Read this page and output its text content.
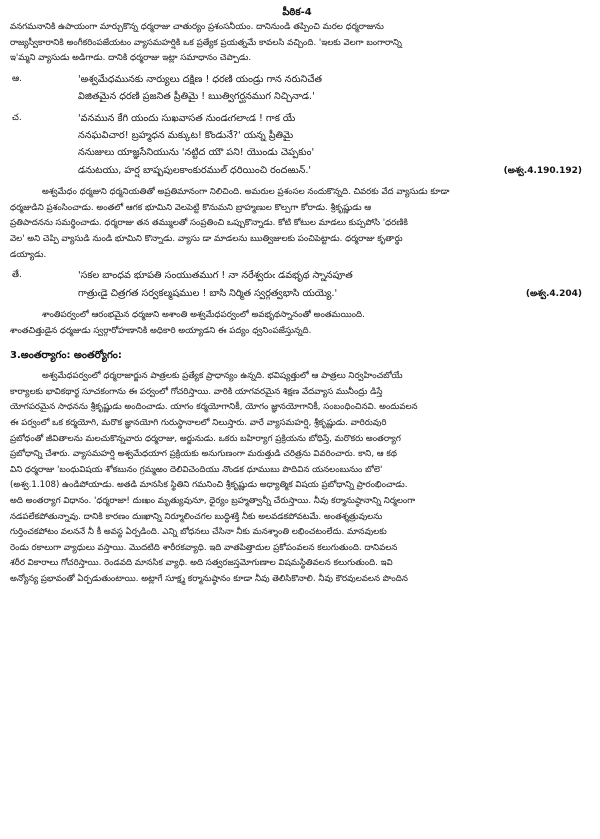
పీఠిక-4

వనగమనానికి ఉపాయంగా మార్చుకొన్న ధర్మరాజు చాతుర్యం ప్రశంసనీయం. దానినుండి తప్పించి మరల ధర్మరాజును

రాజ్యస్వీకారానికి అంగీకరింపజేయటం వ్యాసమహర్షికి ఒక ప్రత్యేక ప్రయత్నమే కావలసి వచ్చింది. 'ఇలకు వెలగా బంగారాన్ని

ఇ'మ్మని వ్యాసుడు అడిగాడు. దానికి ధర్మరాజు ఇట్లా సమాధానం చెప్పాడు.

ఆ.	'అశ్వమేధమునకు నార్యులు దక్షిణ ! ధరణి యండ్రు గాన నరునిచేత
విజితమైన ధరణి ప్రజనిత ప్రీతిమై ! ఋత్విగర్ఘనముగ నిచ్చినాడ.'
చ.	'వనమున కేగి యందు సుఖవాసత నుండఁగలాఁడ ! గాక యే
ననఘవిచార! బ్రహ్మధన మక్కుట! కొండునే?' యన్న ప్రీతిమై
ననుజులు యాజ్ఞసేనియును 'నట్టిద యౌ పని! యొండు చెప్పకుం'
డనుటయు, హర్ష బాష్పపులకాంకురముల్ ధరియించి రందఱున్.'	(అశ్వ.4.190.192)

అశ్వమేధం ధర్మజుని ధర్మనియతితో అప్రతిమానంగా నిలిచింది. అమరుల ప్రశంసల నందుకొన్నది. చివరకు వేద వ్యాసుడు కూడా

ధర్మజుడిని ప్రశంసించాడు. అంతలో ఆగక భూమిని వెలపెట్టి కొనుమని బ్రాహ్మణుల కొల్పగా కోరాడు. శ్రీకృష్ణుడు ఆ

ప్రతిపాదనను సమర్థించాడు. ధర్మరాజు తన తమ్ములతో సంప్రతించి ఒప్పుకొన్నాడు. కోటి కోటుల మాడలు కుప్పపోసి 'ధరణికి

వెల' అని చెప్పి వ్యాసుడి నుండి భూమిని కొన్నాడు. వ్యాసు డా మాడలను ఋత్విజులకు పంచిపెట్టాడు. ధర్మరాజు కృతార్థు

డయ్యాడు.

తే.	'సకల బాంధవ భూపతి సంయుతముగ ! నా నరేశ్వరుఁ డవభృథ స్నానపూత
గాత్రుఁడై చిత్రగత సర్వకల్మషముల ! బాసి నిర్మిత స్వర్గత్వభాసి యయ్యె.'	(అశ్వ.4.204)

శాంతిపర్వంలో ఆరంభమైన ధర్మజుని అశాంతి అశ్వమేధపర్వంలో అవభృథస్నానంతో అంతమయింది.

శాంతచిత్తుడైన ధర్మజుడు స్వర్గారోహణానికి అధికారి అయ్యాడని ఈ పద్యం ధ్వనింపజేస్తున్నది.

3.అంతర్యాగం: అంతర్యోగం:

అశ్వమేధపర్వంలో ధర్మరాజార్జున పాత్రలకు ప్రత్యేక ప్రాధాన్యం ఉన్నది. భవిష్యత్తులో ఆ పాత్రలు నిర్వహించబోయే

కార్యాలకు భావికథార్థ సూచకంగాను ఈ పర్వంలో గోచరిస్తాయి. వారికి యాగవరమైన శిక్షణ వేదవ్యాస మునీంద్రు డిస్తే

యోగపరమైన సాధనను శ్రీకృష్ణుడు అందించాడు. యాగం కర్మయోగానికీ, యోగం జ్ఞానయోగానికీ, సంబంధించినవి. అందువలన

ఈ పర్వంలో ఒక కర్మయోగి, మరొక జ్ఞానయోగి గురుస్థానాలలో నిలుస్తారు. వారే వ్యాసమహర్షి, శ్రీకృష్ణుడు. వారిరువురి

ప్రబోధంతో జీవితాలను మలచుకొన్నవారు ధర్మరాజు, అర్జునుడు. ఒకరు బహిర్యాగ ప్రక్రియను బోధిస్తే, మరొకరు అంతర్యాగ

ప్రబోధాన్ని చేశారు. వ్యాసమహర్షి అశ్వమేధయాగ ప్రక్రియకు అనుగుణంగా మరుత్తుడి చరిత్రను వివరించారు. కాని, ఆ కథ

విని ధర్మరాజు 'బంధువిషయ శోకబునం గ్రమ్మఱం దెలివిచెందియు నొండక ధూముబు పొదివిన యనలంబునుం బోలె'

(అశ్వ.1.108) ఉండిపోయాడు. అతడి మానసిక స్థితిని గమనించి శ్రీకృష్ణుడు అధ్యాత్మిక విషయ ప్రబోధాన్ని ప్రారంభించాడు.

అది అంతర్యాగ విధానం. 'ధర్మరాజా! దుఃఖం మృత్యువునూ, ధైర్యం బ్రహ్మత్వాన్నీ చేరుస్తాయి. నీవు కర్మానుష్ఠానాన్ని నిర్మలంగా

నడపలేకపోతున్నావు. దానికి కారణం దుఃఖాన్ని నిర్మూలించగల బుద్ధిశక్తి నీకు అలవడకపోవటమే. అంతశ్శత్రువులను

గుర్తించకపోటం వలననే నీ కీ అవస్థ ఏర్పడింది. ఎన్ని బోధనలు చేసినా నీకు మనశ్శాంతి లభించటంలేదు. మానవులకు

రెండు రకాలుగా వ్యాధులు వస్తాయి. మొదటిది శారీరకవ్యాధి. ఇది వాతపిత్తాదుల ప్రకోపంవలన కలుగుతుంది. దానివలన

శరీర వికారాలు గోచరిస్తాయి. రెండవది మానసిక వ్యాధి. అది సత్వరజస్తమోగుణాల విషమస్థితివలన కలుగుతుంది. ఇవి

అన్యోన్య ప్రభావంతో ఏర్పడుతుంటాయి. అట్లాగే సూక్ష్మ కర్మానుష్ఠానం కూడా నీవు తెలిసికొనాలి. నీవు కౌరవులవలన పొందిన
